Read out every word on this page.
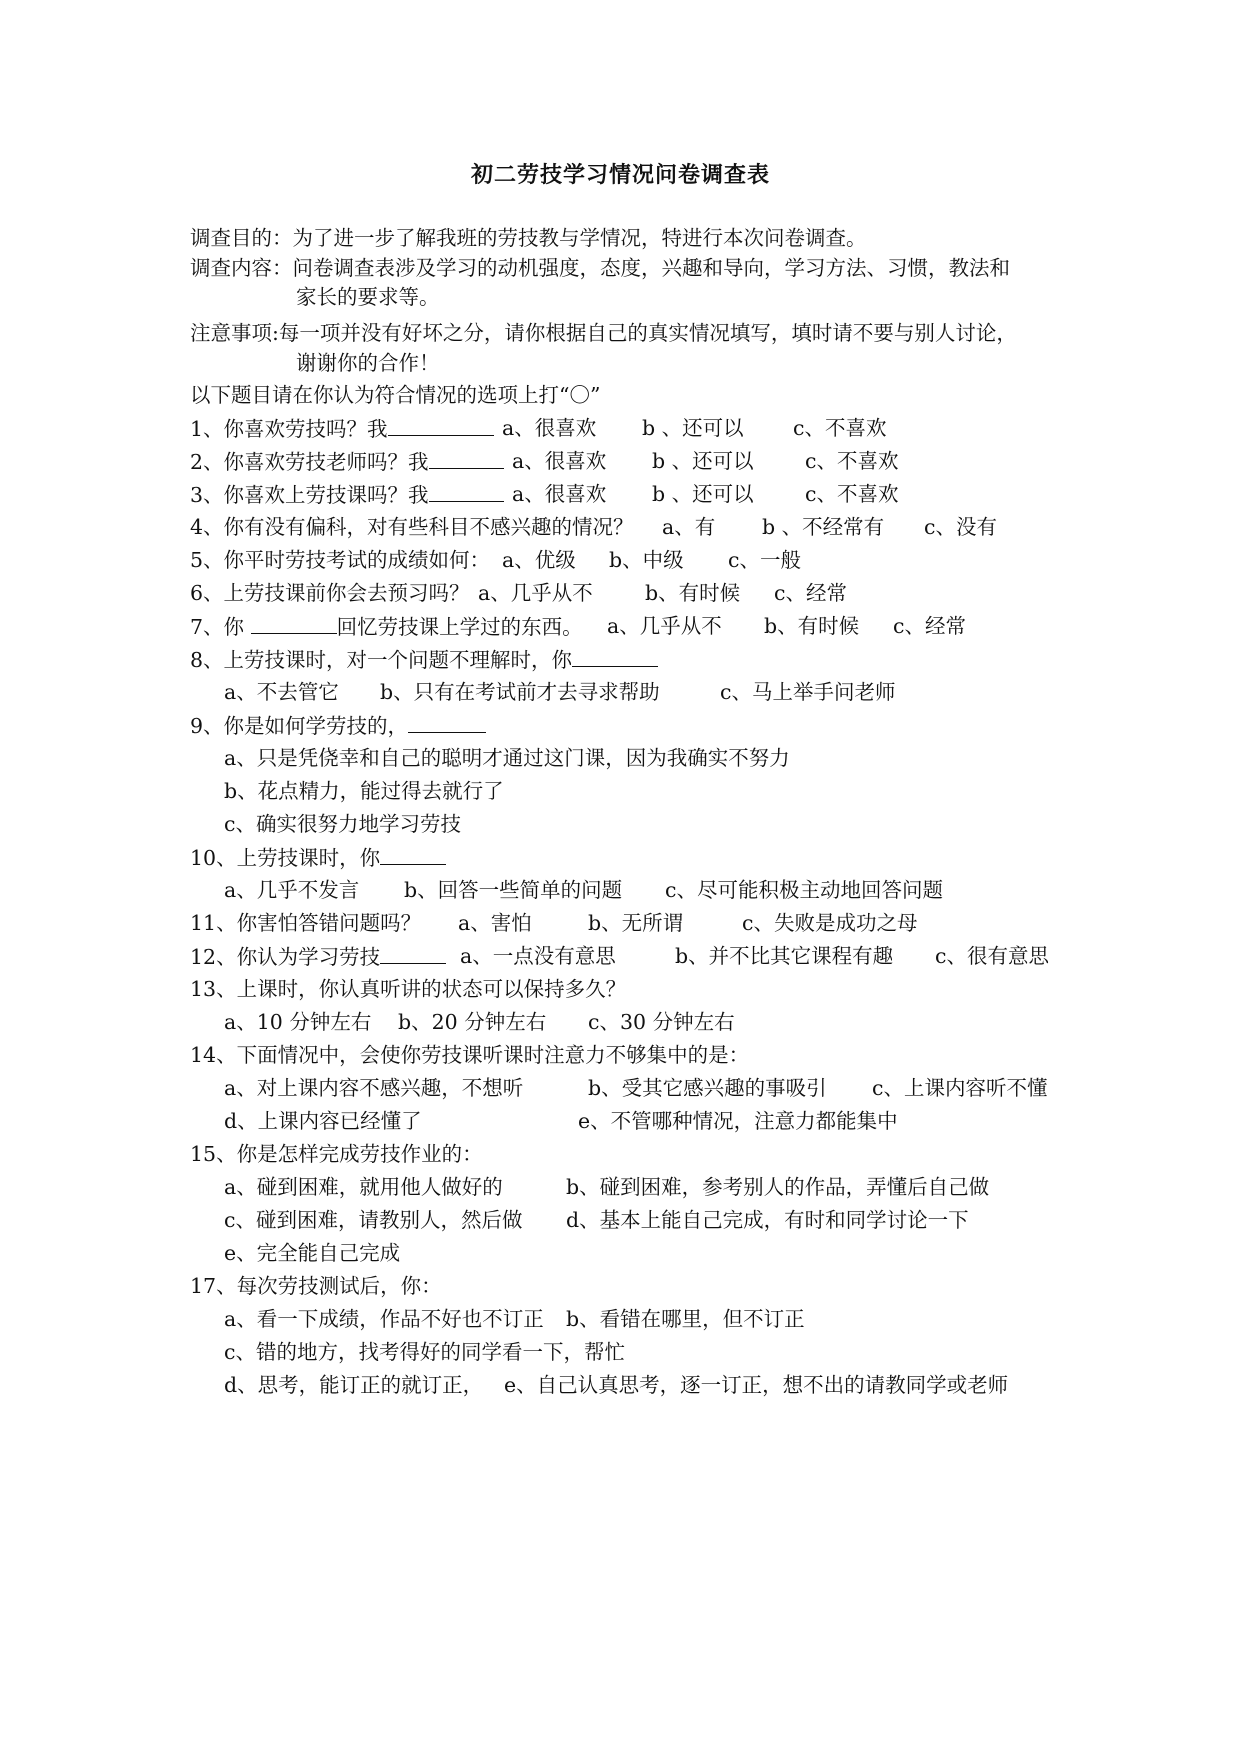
初二劳技学习情况问卷调查表
调查目的：为了进一步了解我班的劳技教与学情况，特进行本次问卷调查。
调查内容：问卷调查表涉及学习的动机强度，态度，兴趣和导向，学习方法、习惯，教法和
家长的要求等。
注意事项:每一项并没有好坏之分，请你根据自己的真实情况填写，填时请不要与别人讨论，
谢谢你的合作！
以下题目请在你认为符合情况的选项上打“〇”
1、你喜欢劳技吗？我	a、很喜欢 b 、还可以 c、不喜欢
2、你喜欢劳技老师吗？我	a、很喜欢 b 、还可以	c、不喜欢
3、你喜欢上劳技课吗？我	a、很喜欢 b 、还可以	c、不喜欢
4、你有没有偏科，对有些科目不感兴趣的情况？ a、有 b 、不经常有 c、没有
5、你平时劳技考试的成绩如何： a、优级 b、中级 c、一般
6、上劳技课前你会去预习吗？ a、几乎从不	b、有时候 c、经常
7、你	回忆劳技课上学过的东西。 a、几乎从不 b、有时候 c、经常
8、上劳技课时，对一个问题不理解时，你
a、不去管它 b、只有在考试前才去寻求帮助	c、马上举手问老师
9、你是如何学劳技的，
a、只是凭侥幸和自己的聪明才通过这门课，因为我确实不努力
b、花点精力，能过得去就行了
c、确实很努力地学习劳技
10、上劳技课时，你
a、几乎不发言 b、回答一些简单的问题 c、尽可能积极主动地回答问题
11、你害怕答错问题吗？ a、害怕	b、无所谓	c、失败是成功之母
12、你认为学习劳技	a、一点没有意思	b、并不比其它课程有趣 c、很有意思
13、上课时，你认真听讲的状态可以保持多久？
a、10 分钟左右 b、20 分钟左右 c、30 分钟左右
14、下面情况中，会使你劳技课听课时注意力不够集中的是：
a、对上课内容不感兴趣，不想听	b、受其它感兴趣的事吸引 c、上课内容听不懂
d、上课内容已经懂了	e、不管哪种情况，注意力都能集中
15、你是怎样完成劳技作业的：
a、碰到困难，就用他人做好的	b、碰到困难，参考别人的作品，弄懂后自己做
c、碰到困难，请教别人，然后做 d、基本上能自己完成，有时和同学讨论一下
e、完全能自己完成
17、每次劳技测试后，你：
a、看一下成绩，作品不好也不订正 b、看错在哪里，但不订正
c、错的地方，找考得好的同学看一下，帮忙
d、思考，能订正的就订正， e、自己认真思考，逐一订正，想不出的请教同学或老师
